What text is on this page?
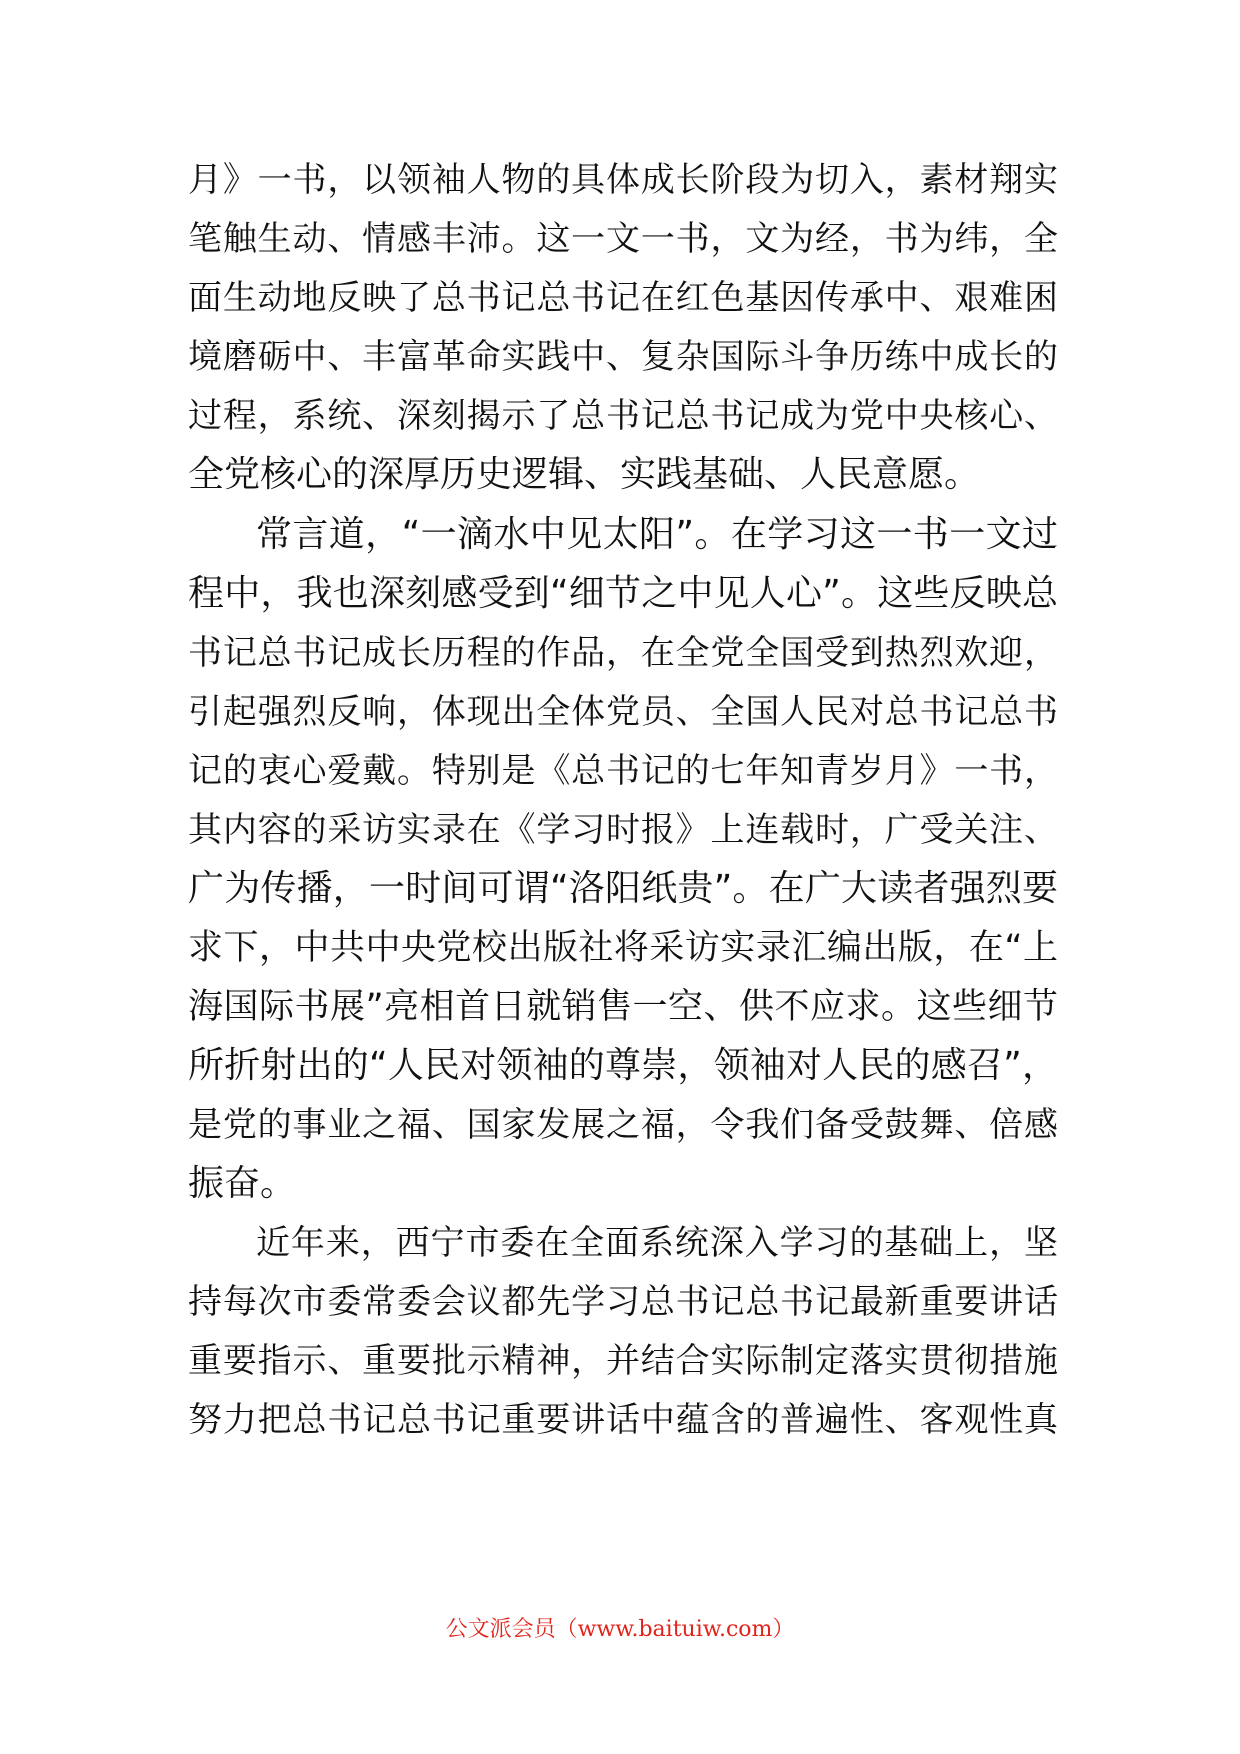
月》一书，以领袖人物的具体成长阶段为切入，素材翔实
笔触生动、情感丰沛。这一文一书，文为经，书为纬，全
面生动地反映了总书记总书记在红色基因传承中、艰难困
境磨砺中、丰富革命实践中、复杂国际斗争历练中成长的
过程，系统、深刻揭示了总书记总书记成为党中央核心、
全党核心的深厚历史逻辑、实践基础、人民意愿。
常言道，“一滴水中见太阳”。在学习这一书一文过
程中，我也深刻感受到“细节之中见人心”。这些反映总
书记总书记成长历程的作品，在全党全国受到热烈欢迎，
引起强烈反响，体现出全体党员、全国人民对总书记总书
记的衷心爱戴。特别是《总书记的七年知青岁月》一书，
其内容的采访实录在《学习时报》上连载时，广受关注、
广为传播，一时间可谓“洛阳纸贵”。在广大读者强烈要
求下，中共中央党校出版社将采访实录汇编出版，在“上
海国际书展”亮相首日就销售一空、供不应求。这些细节
所折射出的“人民对领袖的尊崇，领袖对人民的感召”，
是党的事业之福、国家发展之福，令我们备受鼓舞、倍感
振奋。
近年来，西宁市委在全面系统深入学习的基础上，坚
持每次市委常委会议都先学习总书记总书记最新重要讲话
重要指示、重要批示精神，并结合实际制定落实贯彻措施
努力把总书记总书记重要讲话中蕴含的普遍性、客观性真
公文派会员（www.baituiw.com）
